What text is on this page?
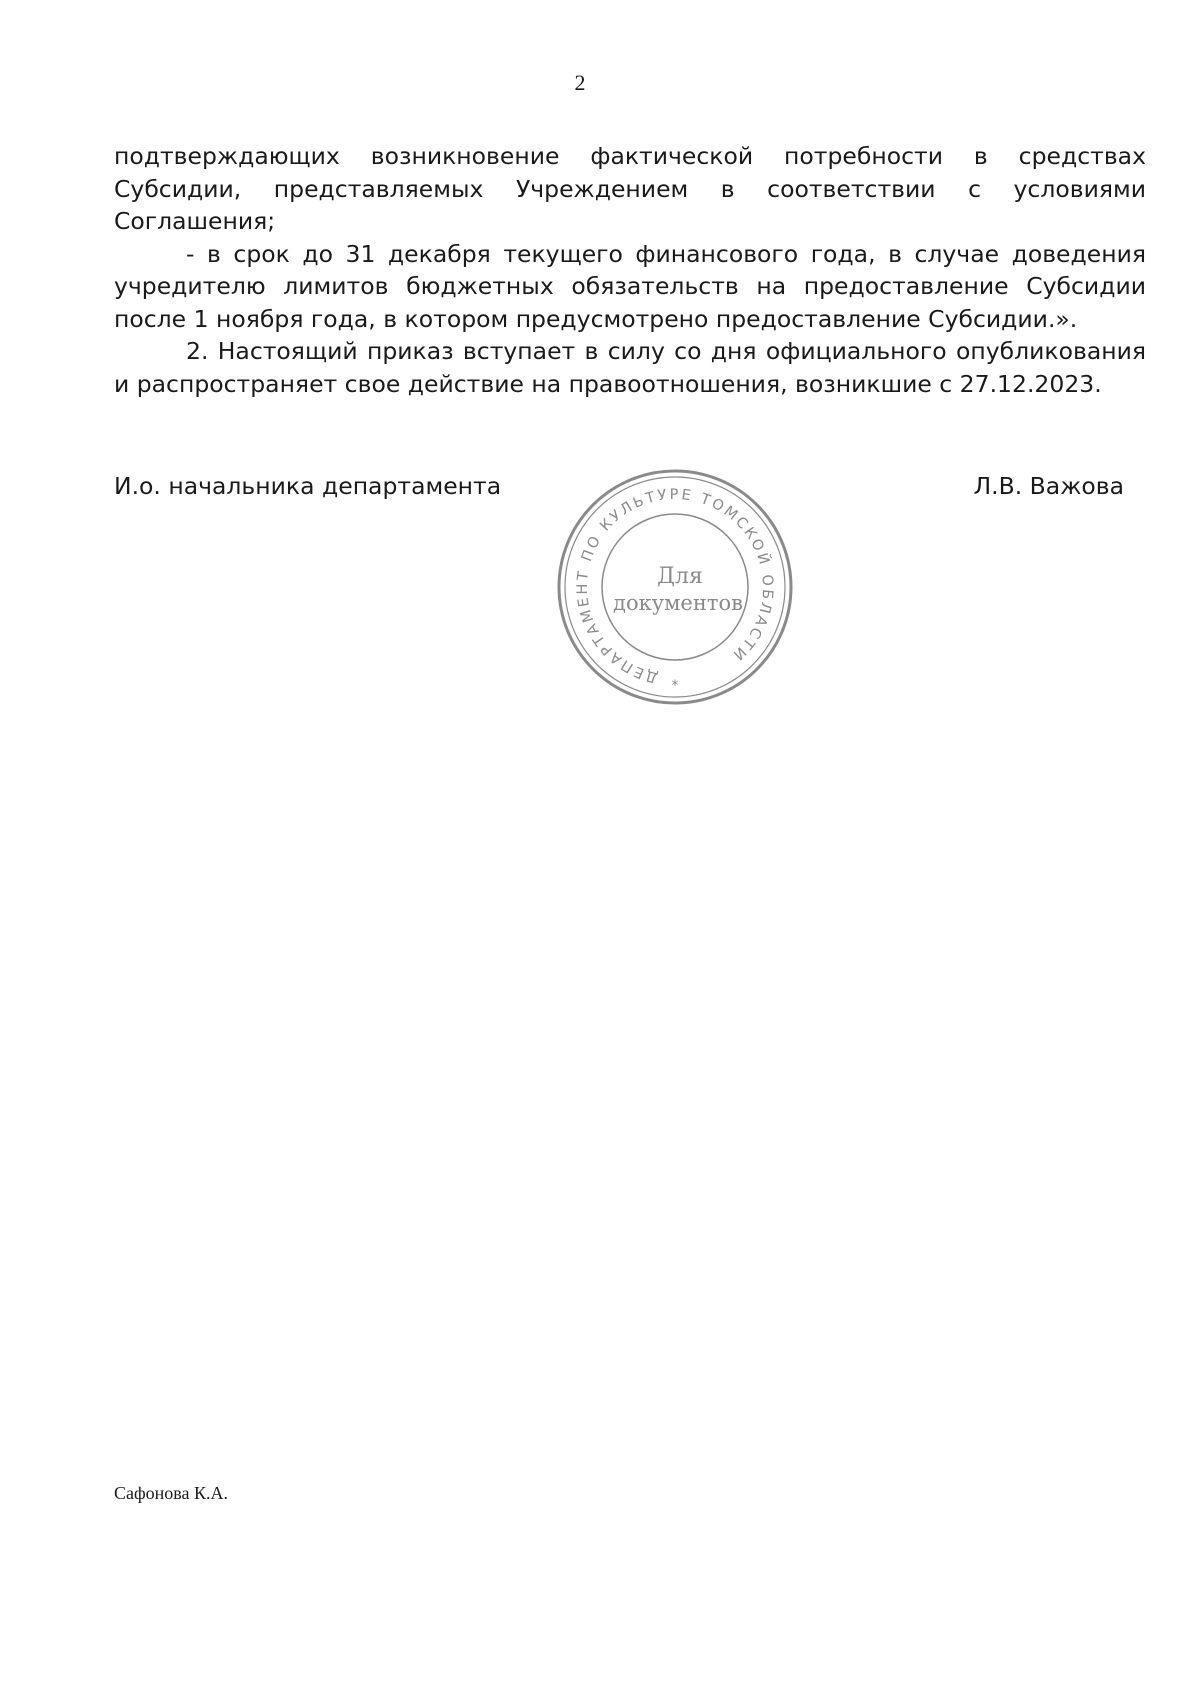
2

подтверждающих возникновение фактической потребности в средствах Субсидии, представляемых Учреждением в соответствии с условиями Соглашения;

- в срок до 31 декабря текущего финансового года, в случае доведения учредителю лимитов бюджетных обязательств на предоставление Субсидии после 1 ноября года, в котором предусмотрено предоставление Субсидии.».

2. Настоящий приказ вступает в силу со дня официального опубликования и распространяет свое действие на правоотношения, возникшие с 27.12.2023.

И.о. начальника департамента	Л.В. Важова
ДЕПАРТАМЕНТ ПО КУЛЬТУРЕ ТОМСКОЙ ОБЛАСТИ
*
Для
документов
Сафонова К.А.
